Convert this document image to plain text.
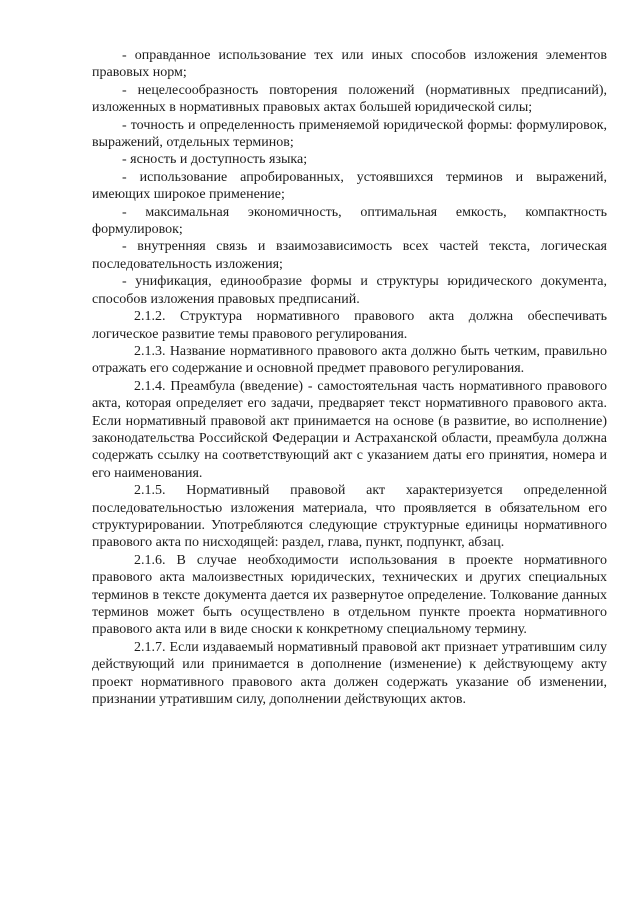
- оправданное использование тех или иных способов изложения элементов правовых норм;

- нецелесообразность повторения положений (нормативных предписаний), изложенных в нормативных правовых актах большей юридической силы;

- точность и определенность применяемой юридической формы: формулировок, выражений, отдельных терминов;

- ясность и доступность языка;

- использование апробированных, устоявшихся терминов и выражений, имеющих широкое применение;

- максимальная экономичность, оптимальная емкость, компактность формулировок;

- внутренняя связь и взаимозависимость всех частей текста, логическая последовательность изложения;

- унификация, единообразие формы и структуры юридического документа, способов изложения правовых предписаний.

2.1.2. Структура нормативного правового акта должна обеспечивать логическое развитие темы правового регулирования.

2.1.3. Название нормативного правового акта должно быть четким, правильно отражать его содержание и основной предмет правового регулирования.

2.1.4. Преамбула (введение) - самостоятельная часть нормативного правового акта, которая определяет его задачи, предваряет текст нормативного правового акта. Если нормативный правовой акт принимается на основе (в развитие, во исполнение) законодательства Российской Федерации и Астраханской области, преамбула должна содержать ссылку на соответствующий акт с указанием даты его принятия, номера и его наименования.

2.1.5. Нормативный правовой акт характеризуется определенной последовательностью изложения материала, что проявляется в обязательном его структурировании. Употребляются следующие структурные единицы нормативного правового акта по нисходящей: раздел, глава, пункт, подпункт, абзац.

2.1.6. В случае необходимости использования в проекте нормативного правового акта малоизвестных юридических, технических и других специальных терминов в тексте документа дается их развернутое определение. Толкование данных терминов может быть осуществлено в отдельном пункте проекта нормативного правового акта или в виде сноски к конкретному специальному термину.

2.1.7. Если издаваемый нормативный правовой акт признает утратившим силу действующий или принимается в дополнение (изменение) к действующему акту проект нормативного правового акта должен содержать указание об изменении, признании утратившим силу, дополнении действующих актов.
